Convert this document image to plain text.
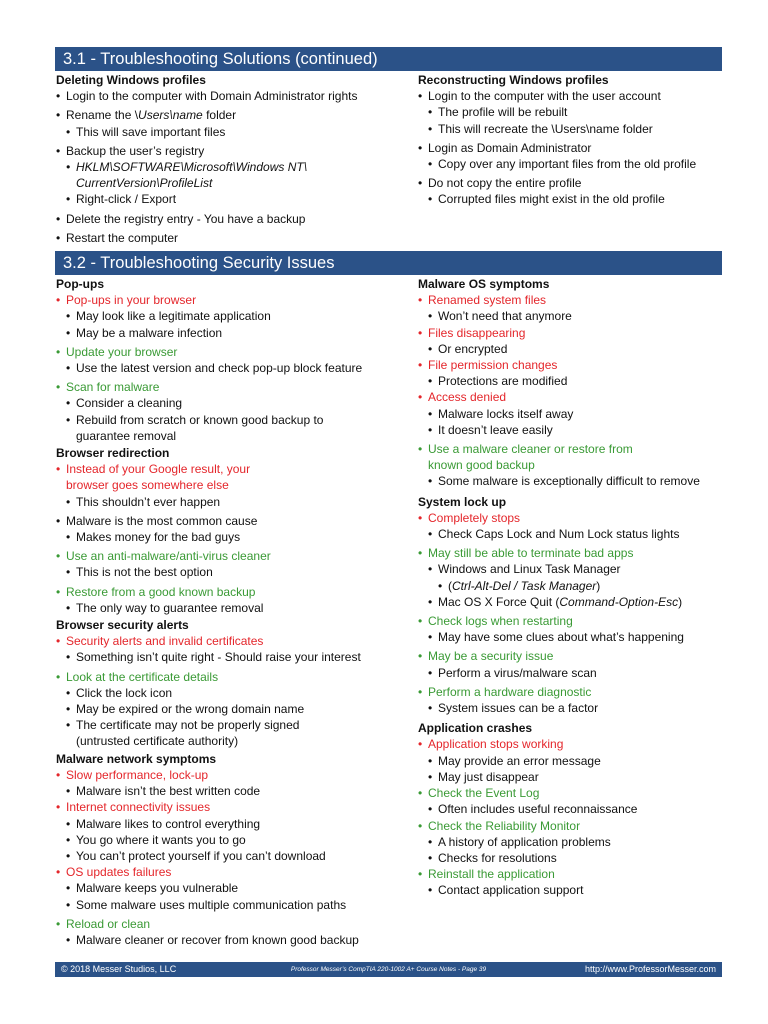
3.1 - Troubleshooting Solutions (continued)
Deleting Windows profiles
• Login to the computer with Domain Administrator rights
• Rename the \Users\name folder
• This will save important files
• Backup the user’s registry
• HKLM\SOFTWARE\Microsoft\Windows NT\ CurrentVersion\ProfileList
• Right-click / Export
• Delete the registry entry - You have a backup
• Restart the computer
Reconstructing Windows profiles
• Login to the computer with the user account
• The profile will be rebuilt
• This will recreate the \Users\name folder
• Login as Domain Administrator
• Copy over any important files from the old profile
• Do not copy the entire profile
• Corrupted files might exist in the old profile
3.2 - Troubleshooting Security Issues
Pop-ups
• Pop-ups in your browser
• May look like a legitimate application
• May be a malware infection
• Update your browser
• Use the latest version and check pop-up block feature
• Scan for malware
• Consider a cleaning
• Rebuild from scratch or known good backup to guarantee removal
Browser redirection
• Instead of your Google result, your browser goes somewhere else
• This shouldn’t ever happen
• Malware is the most common cause
• Makes money for the bad guys
• Use an anti-malware/anti-virus cleaner
• This is not the best option
• Restore from a good known backup
• The only way to guarantee removal
Browser security alerts
• Security alerts and invalid certificates
• Something isn’t quite right - Should raise your interest
• Look at the certificate details
• Click the lock icon
• May be expired or the wrong domain name
• The certificate may not be properly signed (untrusted certificate authority)
Malware network symptoms
• Slow performance, lock-up
• Malware isn’t the best written code
• Internet connectivity issues
• Malware likes to control everything
• You go where it wants you to go
• You can’t protect yourself if you can’t download
• OS updates failures
• Malware keeps you vulnerable
• Some malware uses multiple communication paths
• Reload or clean
• Malware cleaner or recover from known good backup
Malware OS symptoms
• Renamed system files
• Won’t need that anymore
• Files disappearing
• Or encrypted
• File permission changes
• Protections are modified
• Access denied
• Malware locks itself away
• It doesn’t leave easily
• Use a malware cleaner or restore from known good backup
• Some malware is exceptionally difficult to remove
System lock up
• Completely stops
• Check Caps Lock and Num Lock status lights
• May still be able to terminate bad apps
• Windows and Linux Task Manager
• (Ctrl-Alt-Del / Task Manager)
• Mac OS X Force Quit (Command-Option-Esc)
• Check logs when restarting
• May have some clues about what’s happening
• May be a security issue
• Perform a virus/malware scan
• Perform a hardware diagnostic
• System issues can be a factor
Application crashes
• Application stops working
• May provide an error message
• May just disappear
• Check the Event Log
• Often includes useful reconnaissance
• Check the Reliability Monitor
• A history of application problems
• Checks for resolutions
• Reinstall the application
• Contact application support
© 2018 Messer Studios, LLC	Professor Messer’s CompTIA 220-1002 A+ Course Notes - Page 39	http://www.ProfessorMesser.com
